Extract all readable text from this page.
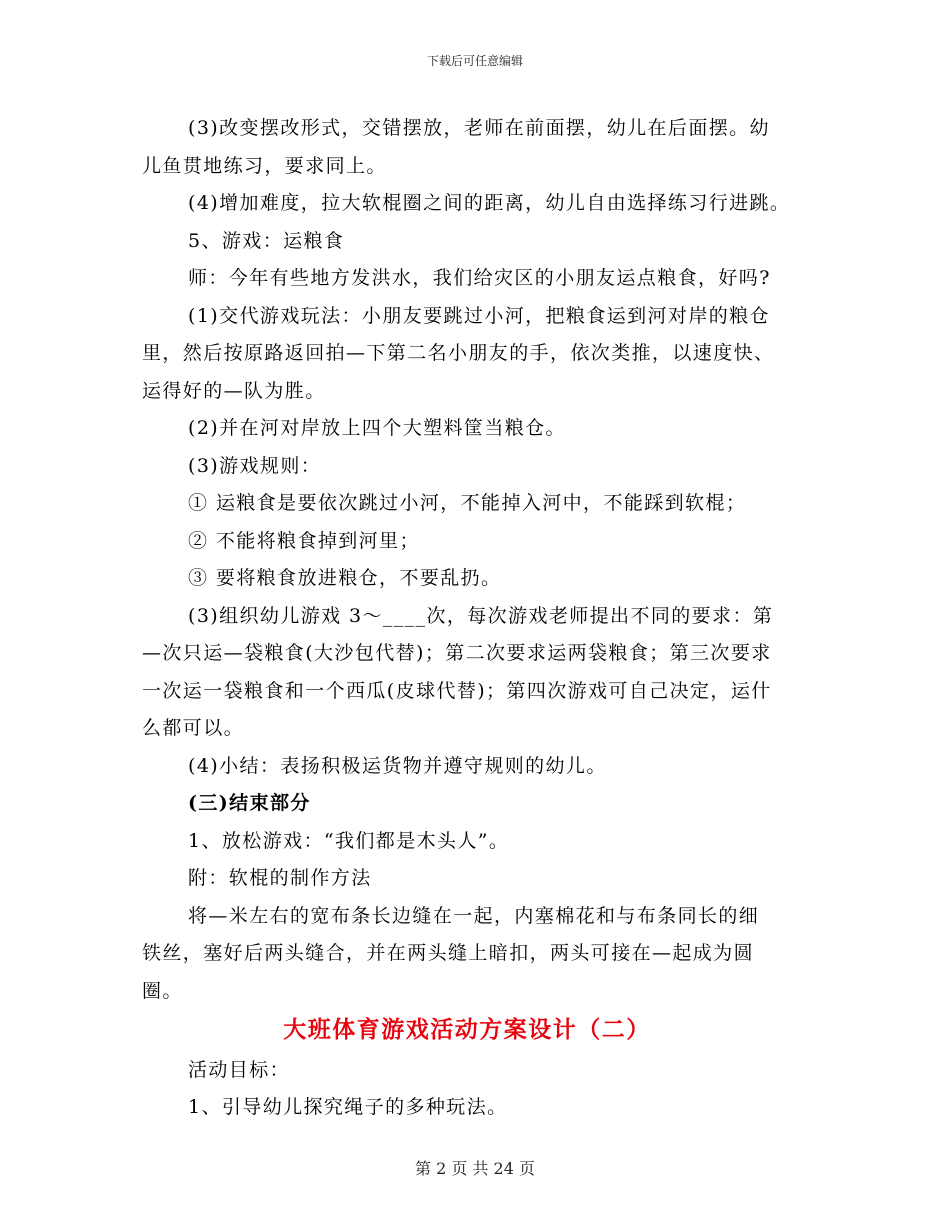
下载后可任意编辑

(3)改变摆改形式，交错摆放，老师在前面摆，幼儿在后面摆。幼

儿鱼贯地练习，要求同上。

(4)增加难度，拉大软棍圈之间的距离，幼儿自由选择练习行进跳。

5、游戏：运粮食

师：今年有些地方发洪水，我们给灾区的小朋友运点粮食，好吗?

(1)交代游戏玩法：小朋友要跳过小河，把粮食运到河对岸的粮仓

里，然后按原路返回拍—下第二名小朋友的手，依次类推，以速度快、

运得好的—队为胜。

(2)并在河对岸放上四个大塑料筐当粮仓。

(3)游戏规则：

① 运粮食是要依次跳过小河，不能掉入河中，不能踩到软棍；

② 不能将粮食掉到河里；

③ 要将粮食放进粮仓，不要乱扔。

(3)组织幼儿游戏 3～____次，每次游戏老师提出不同的要求：第

—次只运—袋粮食(大沙包代替)；第二次要求运两袋粮食；第三次要求

一次运一袋粮食和一个西瓜(皮球代替)；第四次游戏可自己决定，运什

么都可以。

(4)小结：表扬积极运货物并遵守规则的幼儿。

(三)结束部分

1、放松游戏：“我们都是木头人”。

附：软棍的制作方法

将—米左右的宽布条长边缝在一起，内塞棉花和与布条同长的细

铁丝，塞好后两头缝合，并在两头缝上暗扣，两头可接在—起成为圆

圈。

大班体育游戏活动方案设计（二）

活动目标：

1、引导幼儿探究绳子的多种玩法。

第 2 页 共 24 页
